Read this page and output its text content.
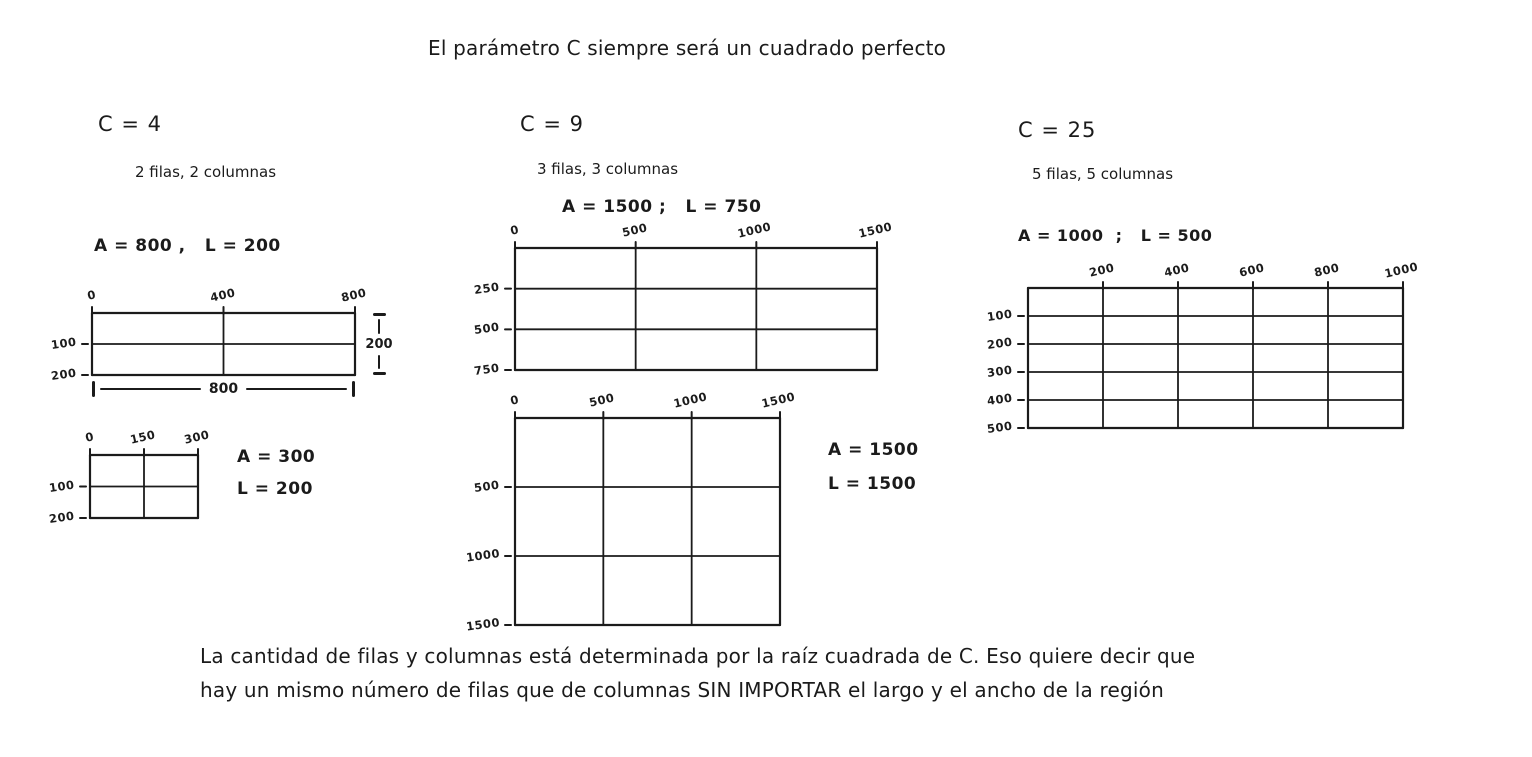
El parámetro C siempre será un cuadrado perfecto
C = 4
2 filas, 2 columnas
A = 800 ,   L = 200
0	400	800
100
200
800
200
0	150 300
100
200
A = 300
L = 200
C = 9
3 filas, 3 columnas
A = 1500 ;   L = 750
0	500	1000	1500
250
500
750
0	500	1000	1500
500
1000
1500
A = 1500
L = 1500
C = 25
5 filas, 5 columnas
A = 1000  ;   L = 500
200	400	600	800	1000
100
200
300
400
500
La cantidad de filas y columnas está determinada por la raíz cuadrada de C. Eso quiere decir que
hay un mismo número de filas que de columnas SIN IMPORTAR el largo y el ancho de la región
